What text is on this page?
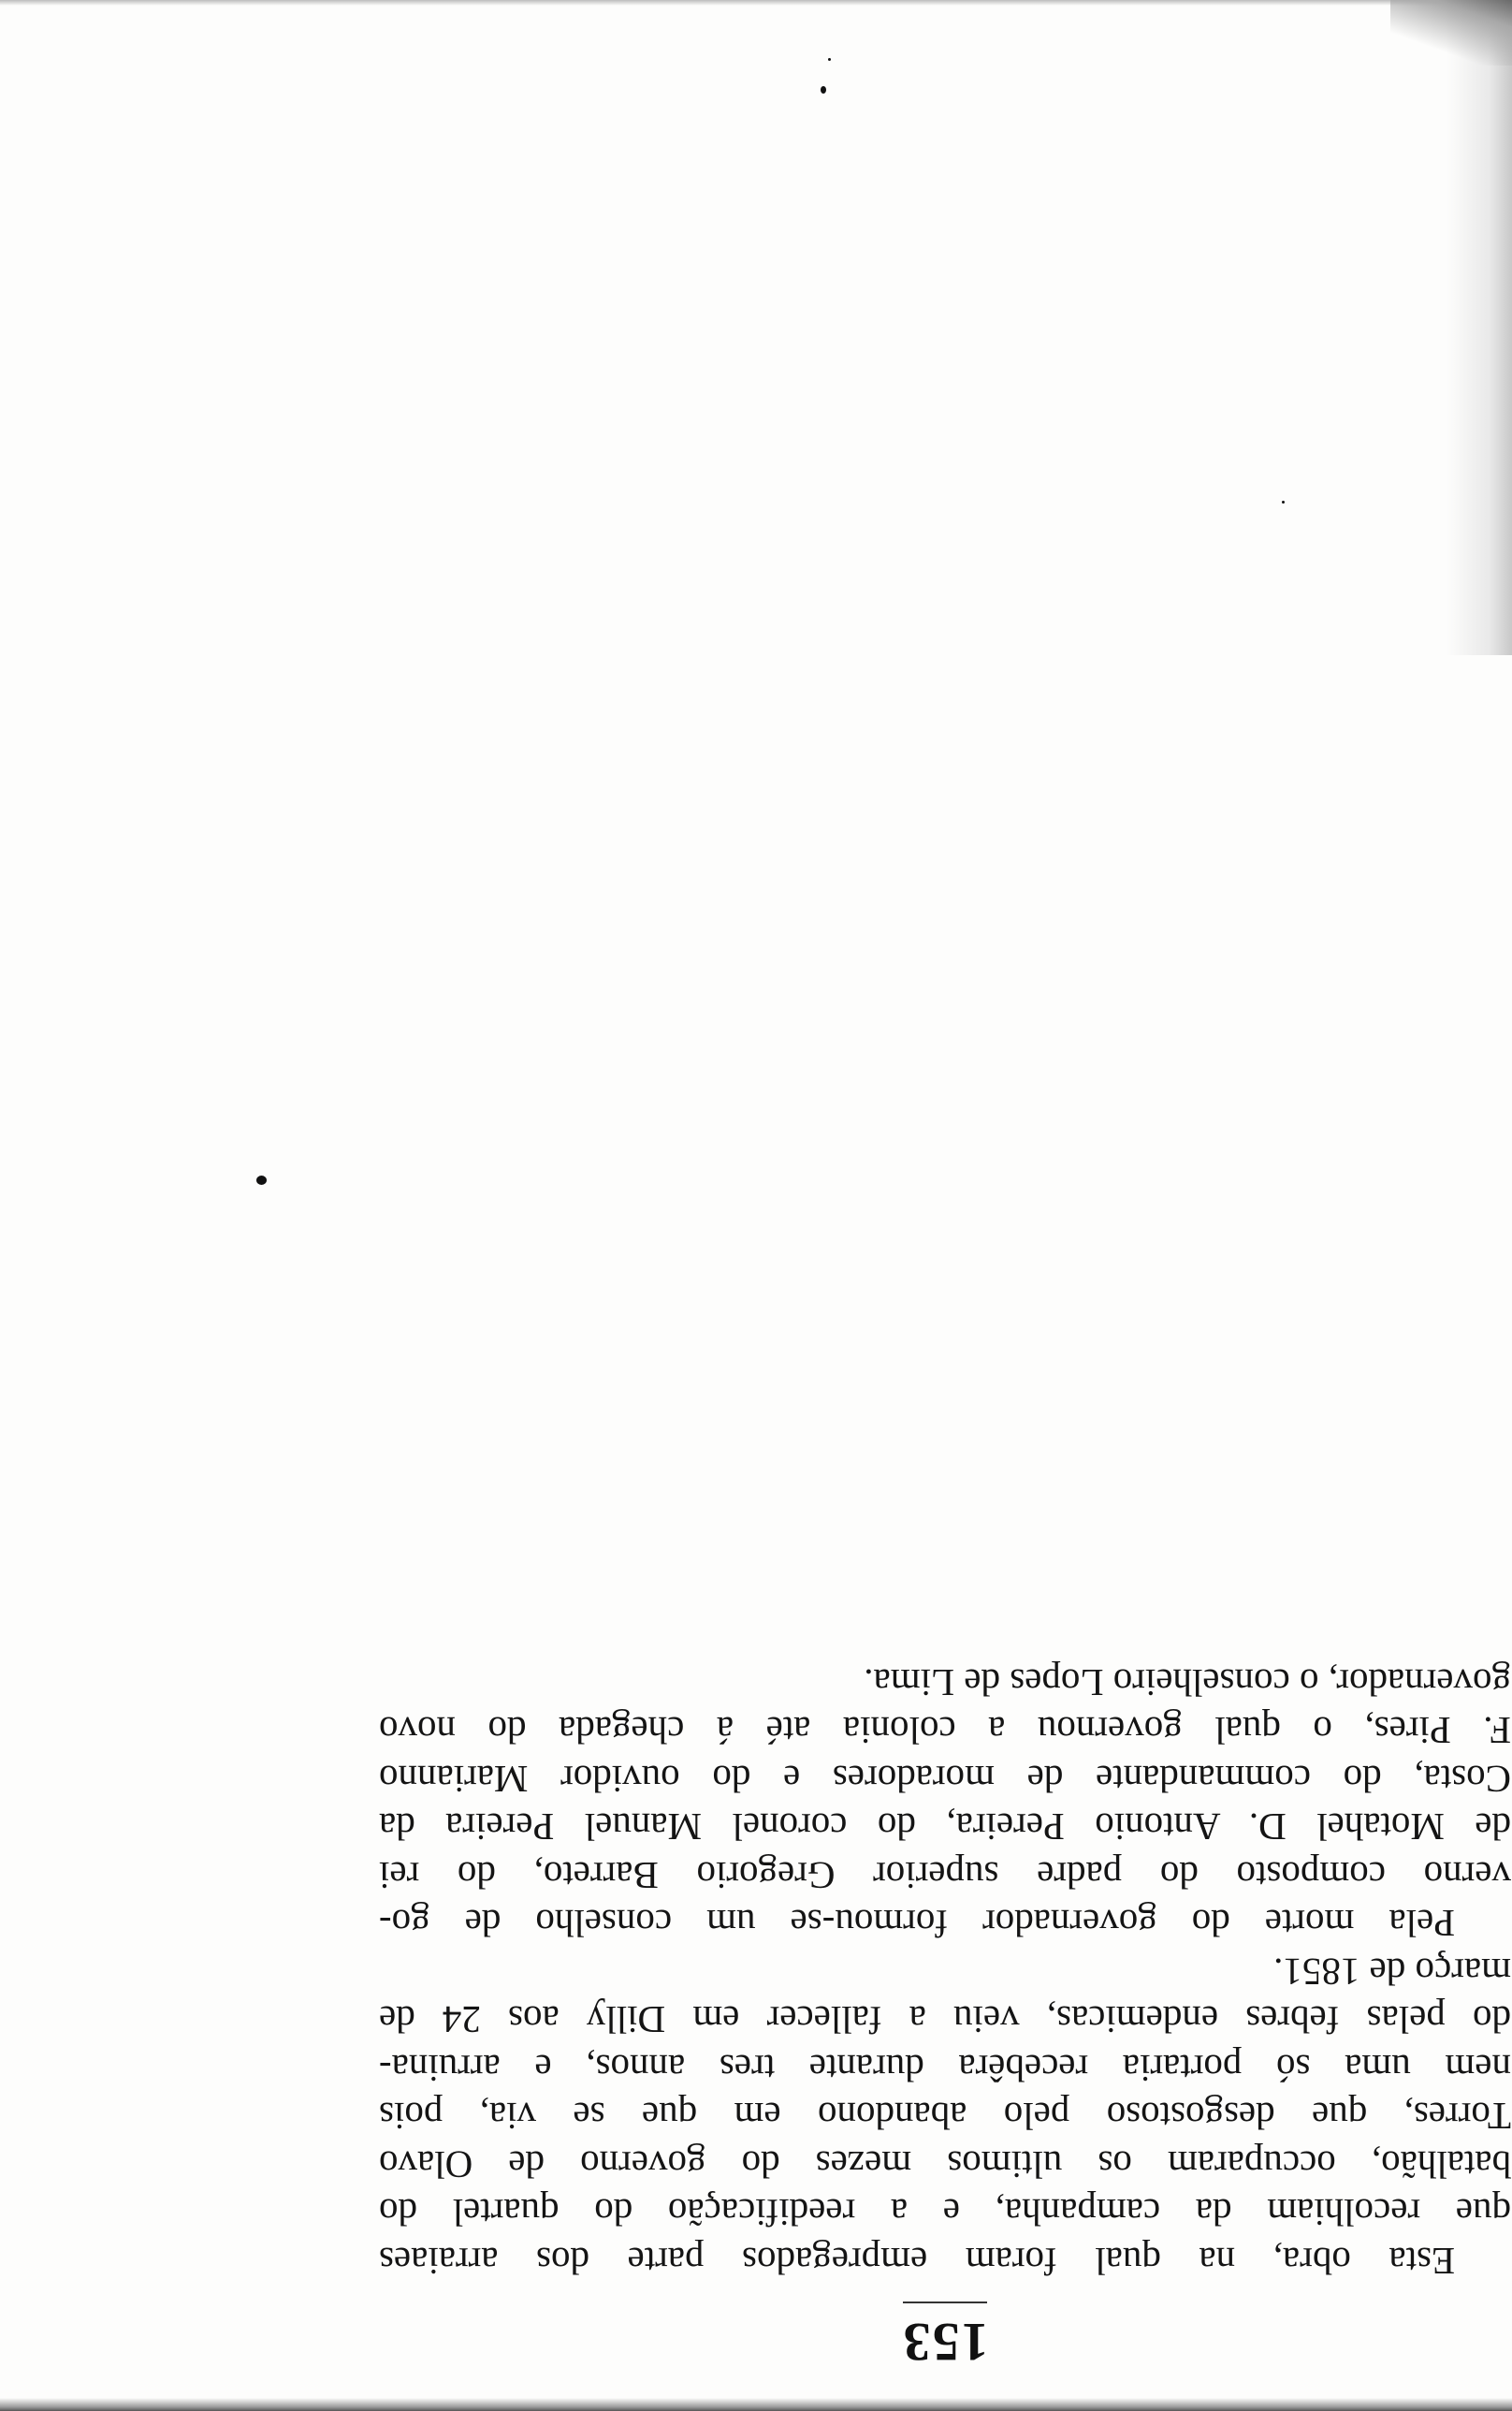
153

Esta obra, na qual foram empregados parte dos arraiaes
que recolhiam da campanha, e a reedificação do quartel do
batalhão, occuparam os ultimos mezes do governo de Olavo
Torres, que desgostoso pelo abandono em que se via, pois
nem uma só portaria recebêra durante tres annos, e arruina-
do pelas febres endemicas, veiu a fallecer em Dilly aos 24 de
março de 1851.

Pela morte do governador formou-se um conselho de go-
verno composto do padre superior Gregorio Barreto, do rei
de Motahel D. Antonio Pereira, do coronel Manuel Pereira da
Costa, do commandante de moradores e do ouvidor Marianno
F. Pires, o qual governou a colonia até á chegada do novo
governador, o conselheiro Lopes de Lima.
